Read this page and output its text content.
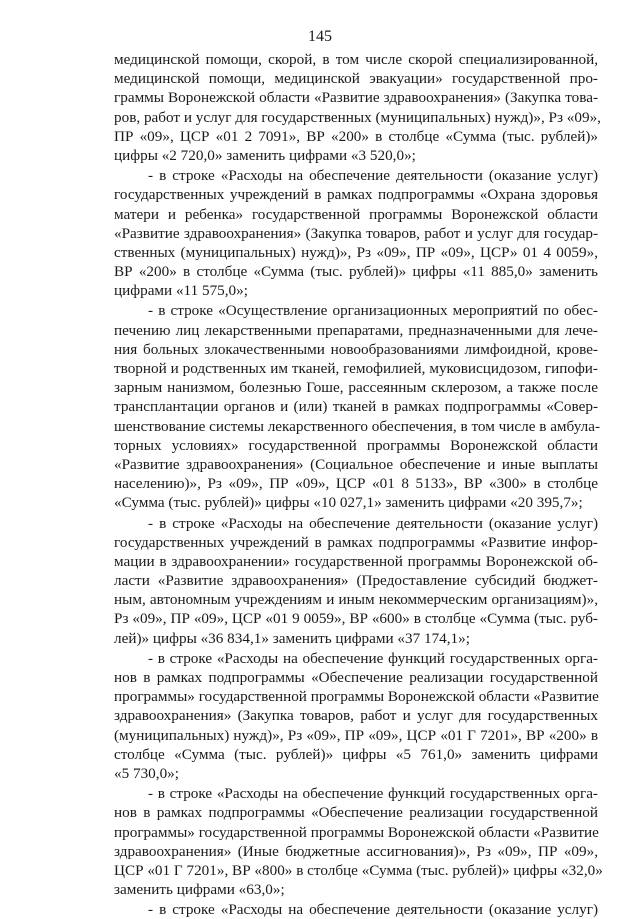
145
медицинской помощи, скорой, в том числе скорой специализированной,
медицинской помощи, медицинской эвакуации» государственной про-
граммы Воронежской области «Развитие здравоохранения» (Закупка това-
ров, работ и услуг для государственных (муниципальных) нужд)», Рз «09»,
ПР «09», ЦСР «01 2 7091», ВР «200» в столбце «Сумма (тыс. рублей)»
цифры «2 720,0» заменить цифрами «3 520,0»;
- в строке «Расходы на обеспечение деятельности (оказание услуг)
государственных учреждений в рамках подпрограммы «Охрана здоровья
матери и ребенка» государственной программы Воронежской области
«Развитие здравоохранения» (Закупка товаров, работ и услуг для государ-
ственных (муниципальных) нужд)», Рз «09», ПР «09», ЦСР» 01 4 0059»,
ВР «200» в столбце «Сумма (тыс. рублей)» цифры «11 885,0» заменить
цифрами «11 575,0»;
- в строке «Осуществление организационных мероприятий по обес-
печению лиц лекарственными препаратами, предназначенными для лече-
ния больных злокачественными новообразованиями лимфоидной, крове-
творной и родственных им тканей, гемофилией, муковисцидозом, гипофи-
зарным нанизмом, болезнью Гоше, рассеянным склерозом, а также после
трансплантации органов и (или) тканей в рамках подпрограммы «Совер-
шенствование системы лекарственного обеспечения, в том числе в амбула-
торных условиях» государственной программы Воронежской области
«Развитие здравоохранения» (Социальное обеспечение и иные выплаты
населению)», Рз «09», ПР «09», ЦСР «01 8 5133», ВР «300» в столбце
«Сумма (тыс. рублей)» цифры «10 027,1» заменить цифрами «20 395,7»;
- в строке «Расходы на обеспечение деятельности (оказание услуг)
государственных учреждений в рамках подпрограммы «Развитие инфор-
мации в здравоохранении» государственной программы Воронежской об-
ласти «Развитие здравоохранения» (Предоставление субсидий бюджет-
ным, автономным учреждениям и иным некоммерческим организациям)»,
Рз «09», ПР «09», ЦСР «01 9 0059», ВР «600» в столбце «Сумма (тыс. руб-
лей)» цифры «36 834,1» заменить цифрами «37 174,1»;
- в строке «Расходы на обеспечение функций государственных орга-
нов в рамках подпрограммы «Обеспечение реализации государственной
программы» государственной программы Воронежской области «Развитие
здравоохранения» (Закупка товаров, работ и услуг для государственных
(муниципальных) нужд)», Рз «09», ПР «09», ЦСР «01 Г 7201», ВР «200» в
столбце «Сумма (тыс. рублей)» цифры «5 761,0» заменить цифрами
«5 730,0»;
- в строке «Расходы на обеспечение функций государственных орга-
нов в рамках подпрограммы «Обеспечение реализации государственной
программы» государственной программы Воронежской области «Развитие
здравоохранения» (Иные бюджетные ассигнования)», Рз «09», ПР «09»,
ЦСР «01 Г 7201», ВР «800» в столбце «Сумма (тыс. рублей)» цифры «32,0»
заменить цифрами «63,0»;
- в строке «Расходы на обеспечение деятельности (оказание услуг)
